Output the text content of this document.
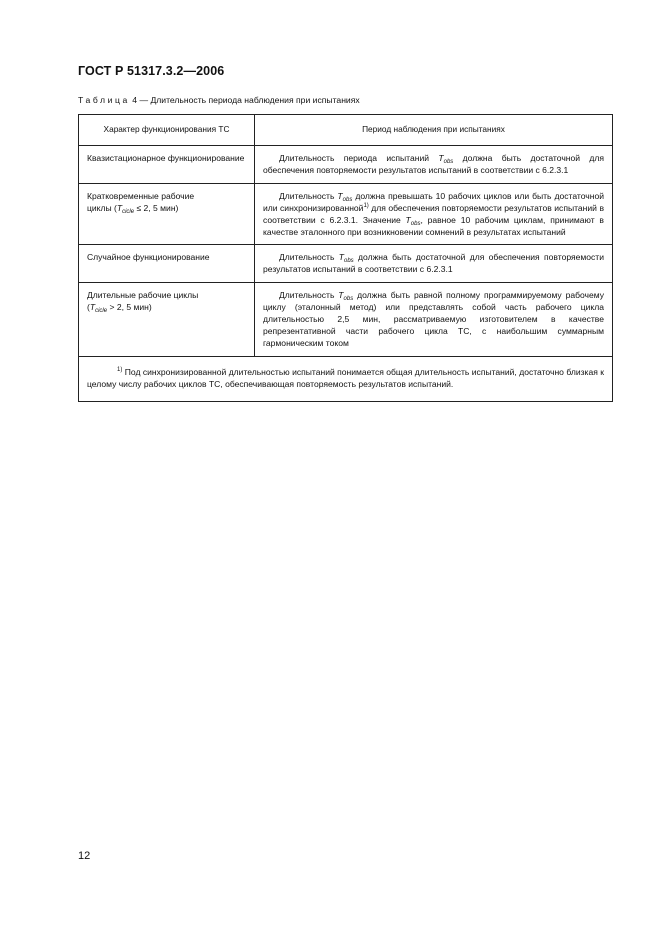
ГОСТ Р 51317.3.2—2006
Таблица 4 — Длительность периода наблюдения при испытаниях
Характер функционирования ТС	Период наблюдения при испытаниях
Квазистационарное функционирование	Длительность периода испытаний $T_{obs}$ должна быть достаточной для обеспечения повторяемости результатов испытаний в соответствии с 6.2.3.1

Кратковременные рабочие
циклы ($T_{cicle} \le 2$, 5 мин)	Длительность $T_{obs}$ должна превышать 10 рабочих циклов или быть достаточной или синхронизированной$^{1)}$ для обеспечения повторяемости результатов испытаний в соответствии с 6.2.3.1. Значение $T_{obs}$, равное 10 рабочим циклам, принимают в качестве эталонного при возникновении сомнений в результатах испытаний

Случайное функционирование	Длительность $T_{obs}$ должна быть достаточной для обеспечения повторяемости результатов испытаний в соответствии с 6.2.3.1

Длительные рабочие циклы
($T_{cicle} > 2$, 5 мин)	Длительность $T_{obs}$ должна быть равной полному программируемому рабочему циклу (эталонный метод) или представлять собой часть рабочего цикла длительностью 2,5 мин, рассматриваемую изготовителем в качестве репрезентативной части рабочего цикла ТС, с наибольшим суммарным гармоническим током

$^{1)}$ Под синхронизированной длительностью испытаний понимается общая длительность испытаний, достаточно близкая к целому числу рабочих циклов ТС, обеспечивающая повторяемость результатов испытаний.	

12
